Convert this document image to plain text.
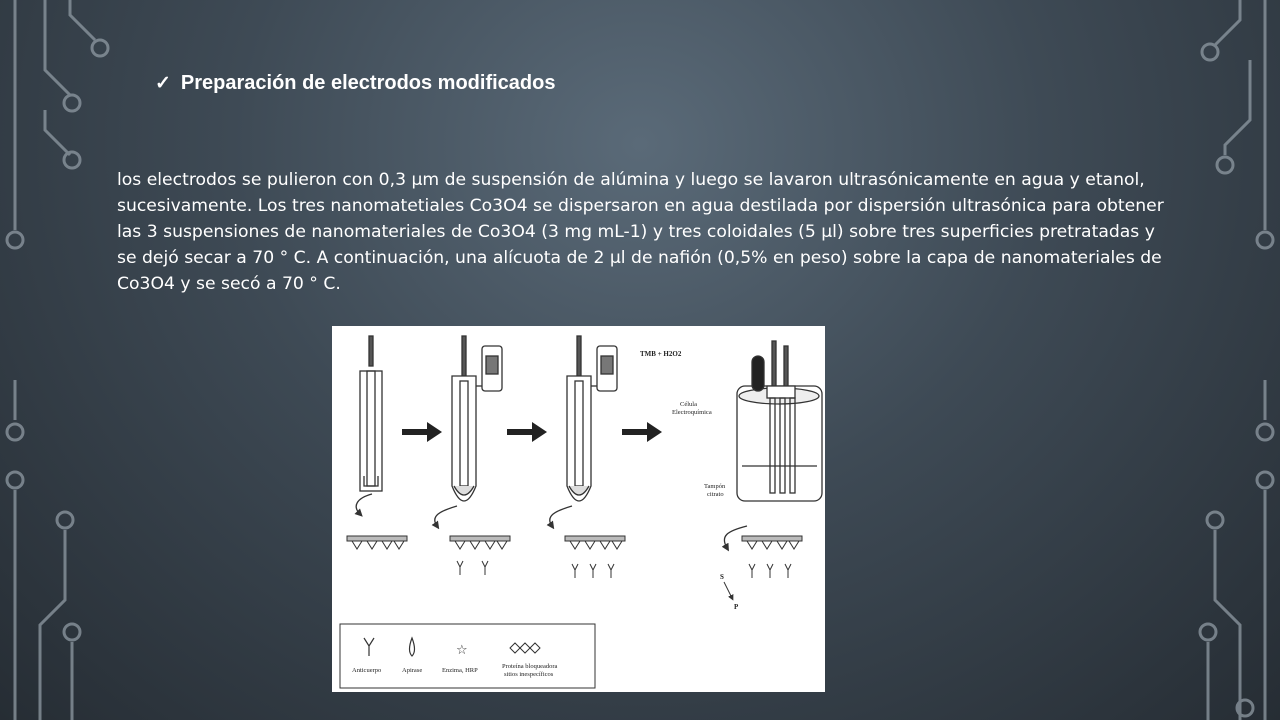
✓ Preparación de electrodos modificados

los electrodos se pulieron con 0,3 µm de suspensión de alúmina y luego se lavaron ultrasónicamente en agua y etanol, sucesivamente. Los tres nanomatetiales Co3O4 se dispersaron en agua destilada por dispersión ultrasónica para obtener las 3 suspensiones de nanomateriales de Co3O4 (3 mg mL-1) y tres coloidales (5 µl) sobre tres superficies pretratadas y se dejó secar a 70 ° C. A continuación, una alícuota de 2 µl de nafión (0,5% en peso) sobre la capa de nanomateriales de Co3O4 y se secó a 70 ° C.

TMB + H2O2
Célula
Electroquímica
Tampón
citrato
S
P
☆
Anticuerpo	Apirase	Enzima, HRP
Proteína bloqueadora
sitios inespecíficos
